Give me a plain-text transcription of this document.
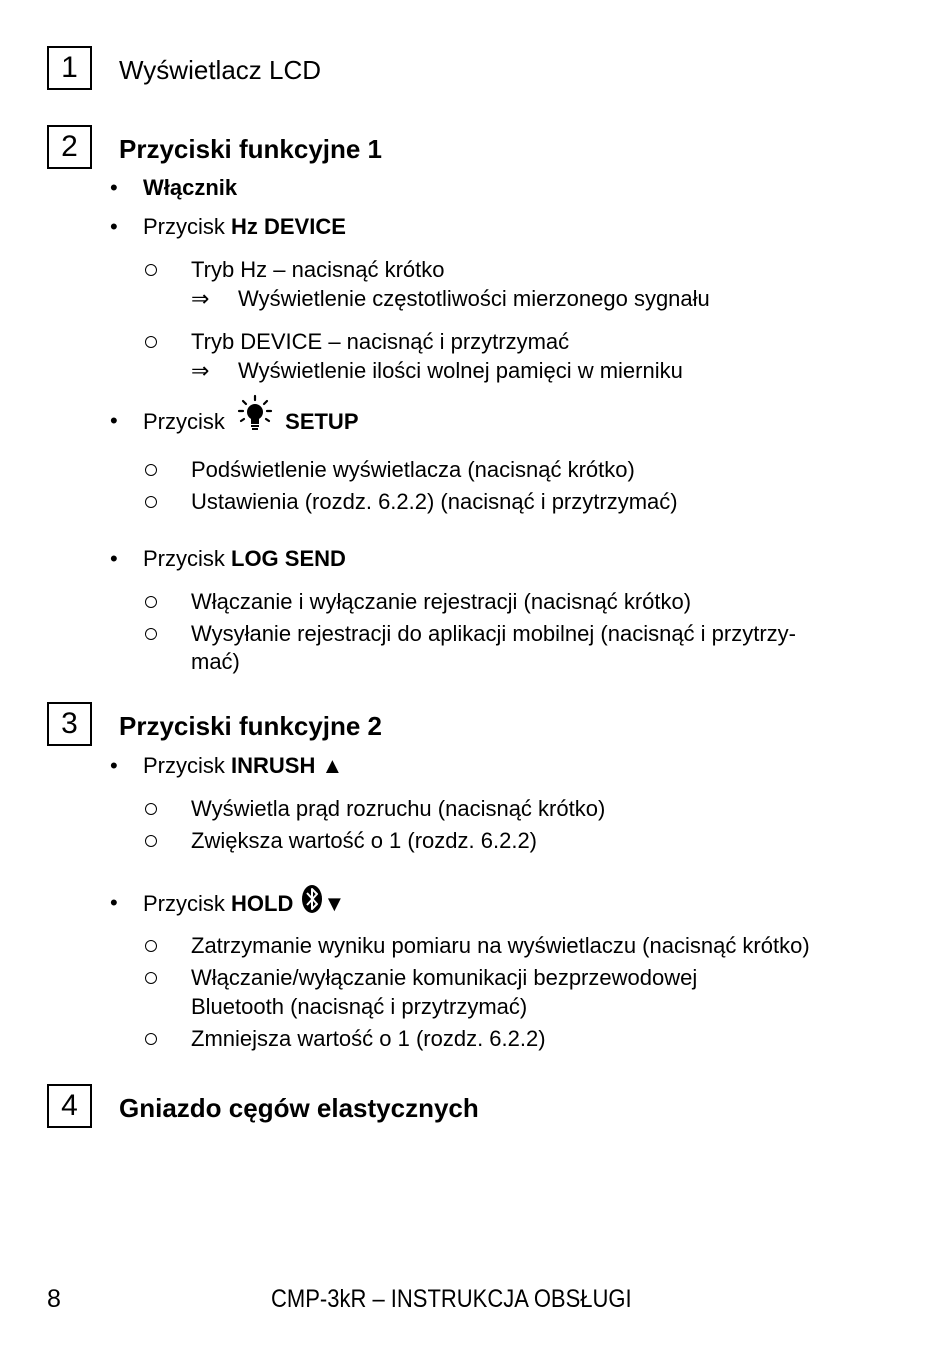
1	Wyświetlacz LCD
2	Przyciski funkcyjne 1
• Włącznik
• Przycisk Hz DEVICE
Tryb Hz – nacisnąć krótko
⇒ Wyświetlenie częstotliwości mierzonego sygnału
Tryb DEVICE – nacisnąć i przytrzymać
⇒ Wyświetlenie ilości wolnej pamięci w mierniku
• Przycisk	SETUP
Podświetlenie wyświetlacza (nacisnąć krótko)
Ustawienia (rozdz. 6.2.2) (nacisnąć i przytrzymać)
• Przycisk LOG SEND
Włączanie i wyłączanie rejestracji (nacisnąć krótko)
Wysyłanie rejestracji do aplikacji mobilnej (nacisnąć i przytrzy-
mać)
3	Przyciski funkcyjne 2
• Przycisk INRUSH ▲
Wyświetla prąd rozruchu (nacisnąć krótko)
Zwiększa wartość o 1 (rozdz. 6.2.2)
• Przycisk HOLD ▼
Zatrzymanie wyniku pomiaru na wyświetlaczu (nacisnąć krótko)
Włączanie/wyłączanie komunikacji bezprzewodowej
Bluetooth (nacisnąć i przytrzymać)
Zmniejsza wartość o 1 (rozdz. 6.2.2)
4	Gniazdo cęgów elastycznych
8	CMP-3kR – INSTRUKCJA OBSŁUGI
